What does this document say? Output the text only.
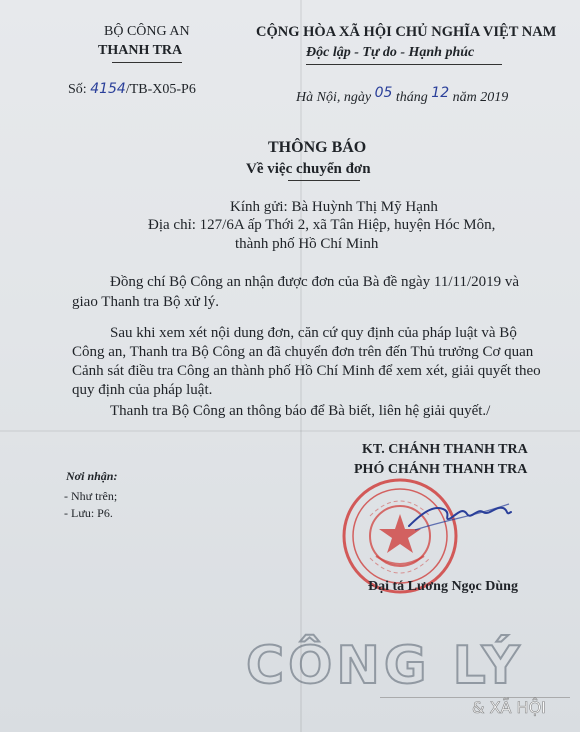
BỘ CÔNG AN
THANH TRA
CỘNG HÒA XÃ HỘI CHỦ NGHĨA VIỆT NAM
Độc lập - Tự do - Hạnh phúc
Số: 4154/TB-X05-P6
Hà Nội, ngày 05 tháng 12 năm 2019
THÔNG BÁO
Về việc chuyển đơn
Kính gửi: Bà Huỳnh Thị Mỹ Hạnh
Địa chỉ: 127/6A ấp Thới 2, xã Tân Hiệp, huyện Hóc Môn,
thành phố Hồ Chí Minh
Đồng chí Bộ Công an nhận được đơn của Bà đề ngày 11/11/2019 và
giao Thanh tra Bộ xử lý.
Sau khi xem xét nội dung đơn, căn cứ quy định của pháp luật và Bộ
Công an, Thanh tra Bộ Công an đã chuyển đơn trên đến Thủ trưởng Cơ quan
Cảnh sát điều tra Công an thành phố Hồ Chí Minh để xem xét, giải quyết theo
quy định của pháp luật.
Thanh tra Bộ Công an thông báo để Bà biết, liên hệ giải quyết./
Nơi nhận:
- Như trên;
- Lưu: P6.
KT. CHÁNH THANH TRA
PHÓ CHÁNH THANH TRA
Đại tá Lương Ngọc Dùng
CÔNG LÝ
& XÃ HỘI
